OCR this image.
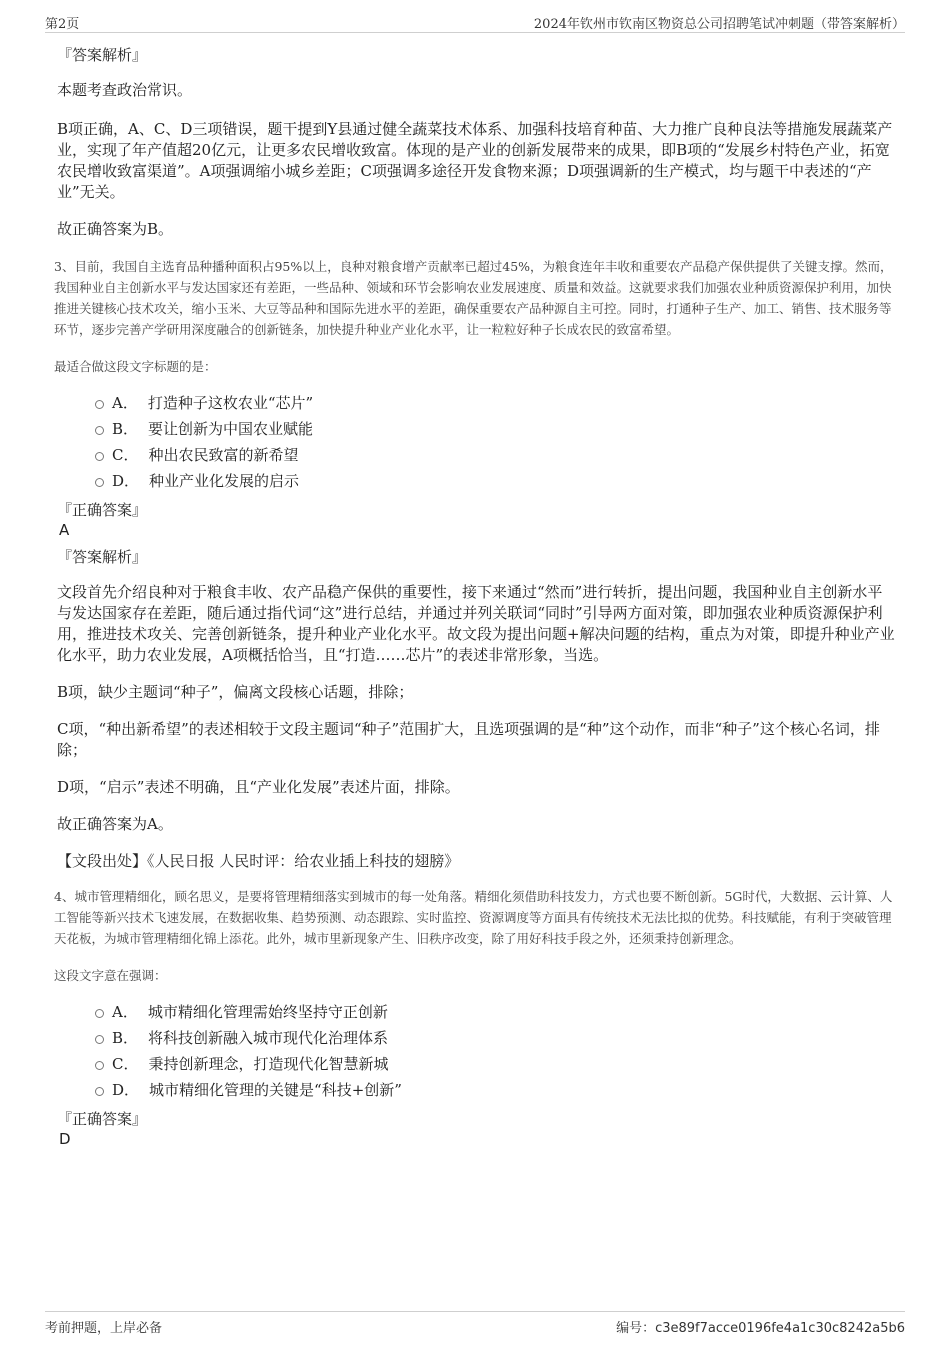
第2页	2024年钦州市钦南区物资总公司招聘笔试冲刺题（带答案解析）
『答案解析』

本题考查政治常识。

B项正确，A、C、D三项错误，题干提到Y县通过健全蔬菜技术体系、加强科技培育种苗、大力推广良种良法等措施发展蔬菜产业，实现了年产值超20亿元，让更多农民增收致富。体现的是产业的创新发展带来的成果，即B项的“发展乡村特色产业，拓宽农民增收致富渠道”。A项强调缩小城乡差距；C项强调多途径开发食物来源；D项强调新的生产模式，均与题干中表述的“产业”无关。

故正确答案为B。

3、目前，我国自主选育品种播种面积占95%以上，良种对粮食增产贡献率已超过45%，为粮食连年丰收和重要农产品稳产保供提供了关键支撑。然而，我国种业自主创新水平与发达国家还有差距，一些品种、领域和环节会影响农业发展速度、质量和效益。这就要求我们加强农业种质资源保护利用，加快推进关键核心技术攻关，缩小玉米、大豆等品种和国际先进水平的差距，确保重要农产品种源自主可控。同时，打通种子生产、加工、销售、技术服务等环节，逐步完善产学研用深度融合的创新链条，加快提升种业产业化水平，让一粒粒好种子长成农民的致富希望。

最适合做这段文字标题的是：

A． 打造种子这枚农业“芯片”
B． 要让创新为中国农业赋能
C． 种出农民致富的新希望
D． 种业产业化发展的启示
『正确答案』
A
『答案解析』

文段首先介绍良种对于粮食丰收、农产品稳产保供的重要性，接下来通过“然而”进行转折，提出问题，我国种业自主创新水平与发达国家存在差距，随后通过指代词“这”进行总结，并通过并列关联词“同时”引导两方面对策，即加强农业种质资源保护利用，推进技术攻关、完善创新链条，提升种业产业化水平。故文段为提出问题+解决问题的结构，重点为对策，即提升种业产业化水平，助力农业发展，A项概括恰当，且“打造……芯片”的表述非常形象，当选。

B项，缺少主题词“种子”，偏离文段核心话题，排除；

C项，“种出新希望”的表述相较于文段主题词“种子”范围扩大，且选项强调的是“种”这个动作，而非“种子”这个核心名词，排除；

D项，“启示”表述不明确，且“产业化发展”表述片面，排除。

故正确答案为A。

【文段出处】《人民日报 人民时评：给农业插上科技的翅膀》

4、城市管理精细化，顾名思义，是要将管理精细落实到城市的每一处角落。精细化须借助科技发力，方式也要不断创新。5G时代，大数据、云计算、人工智能等新兴技术飞速发展，在数据收集、趋势预测、动态跟踪、实时监控、资源调度等方面具有传统技术无法比拟的优势。科技赋能，有利于突破管理天花板，为城市管理精细化锦上添花。此外，城市里新现象产生、旧秩序改变，除了用好科技手段之外，还须秉持创新理念。

这段文字意在强调：

A． 城市精细化管理需始终坚持守正创新
B． 将科技创新融入城市现代化治理体系
C． 秉持创新理念，打造现代化智慧新城
D． 城市精细化管理的关键是“科技+创新”
『正确答案』
D
考前押题，上岸必备	编号：c3e89f7acce0196fe4a1c30c8242a5b6
